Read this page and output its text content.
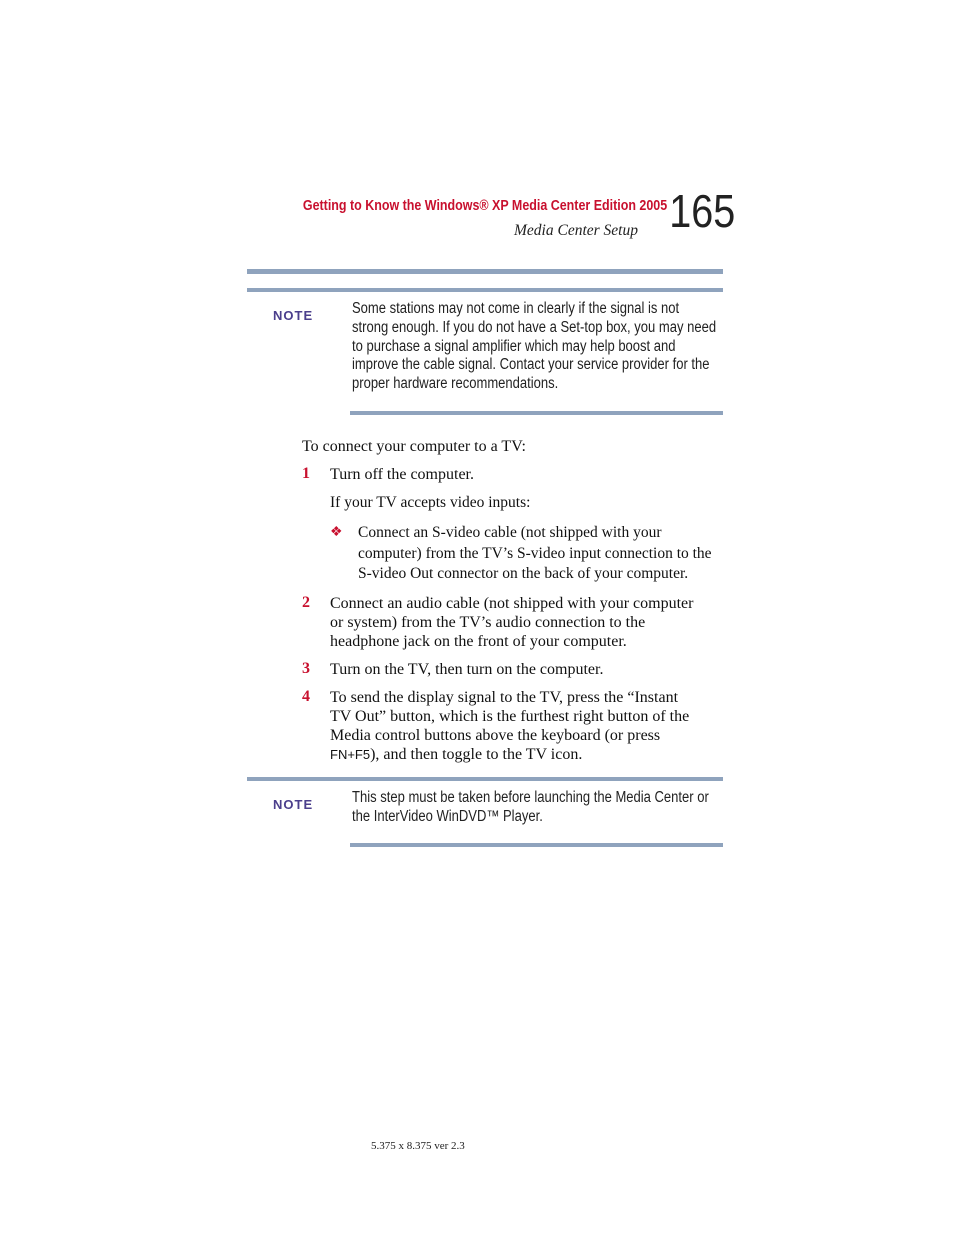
Getting to Know the Windows® XP Media Center Edition 2005
Media Center Setup 165
NOTE	Some stations may not come in clearly if the signal is not
strong enough. If you do not have a Set-top box, you may need
to purchase a signal amplifier which may help boost and
improve the cable signal. Contact your service provider for the
proper hardware recommendations.
To connect your computer to a TV:
1 Turn off the computer.
If your TV accepts video inputs:
❖ Connect an S-video cable (not shipped with your
computer) from the TV’s S-video input connection to the
S-video Out connector on the back of your computer.
2 Connect an audio cable (not shipped with your computer
or system) from the TV’s audio connection to the
headphone jack on the front of your computer.
3 Turn on the TV, then turn on the computer.
4 To send the display signal to the TV, press the “Instant
TV Out” button, which is the furthest right button of the
Media control buttons above the keyboard (or press
FN+F5), and then toggle to the TV icon.
NOTE	This step must be taken before launching the Media Center or
the InterVideo WinDVD™ Player.
5.375 x 8.375 ver 2.3
